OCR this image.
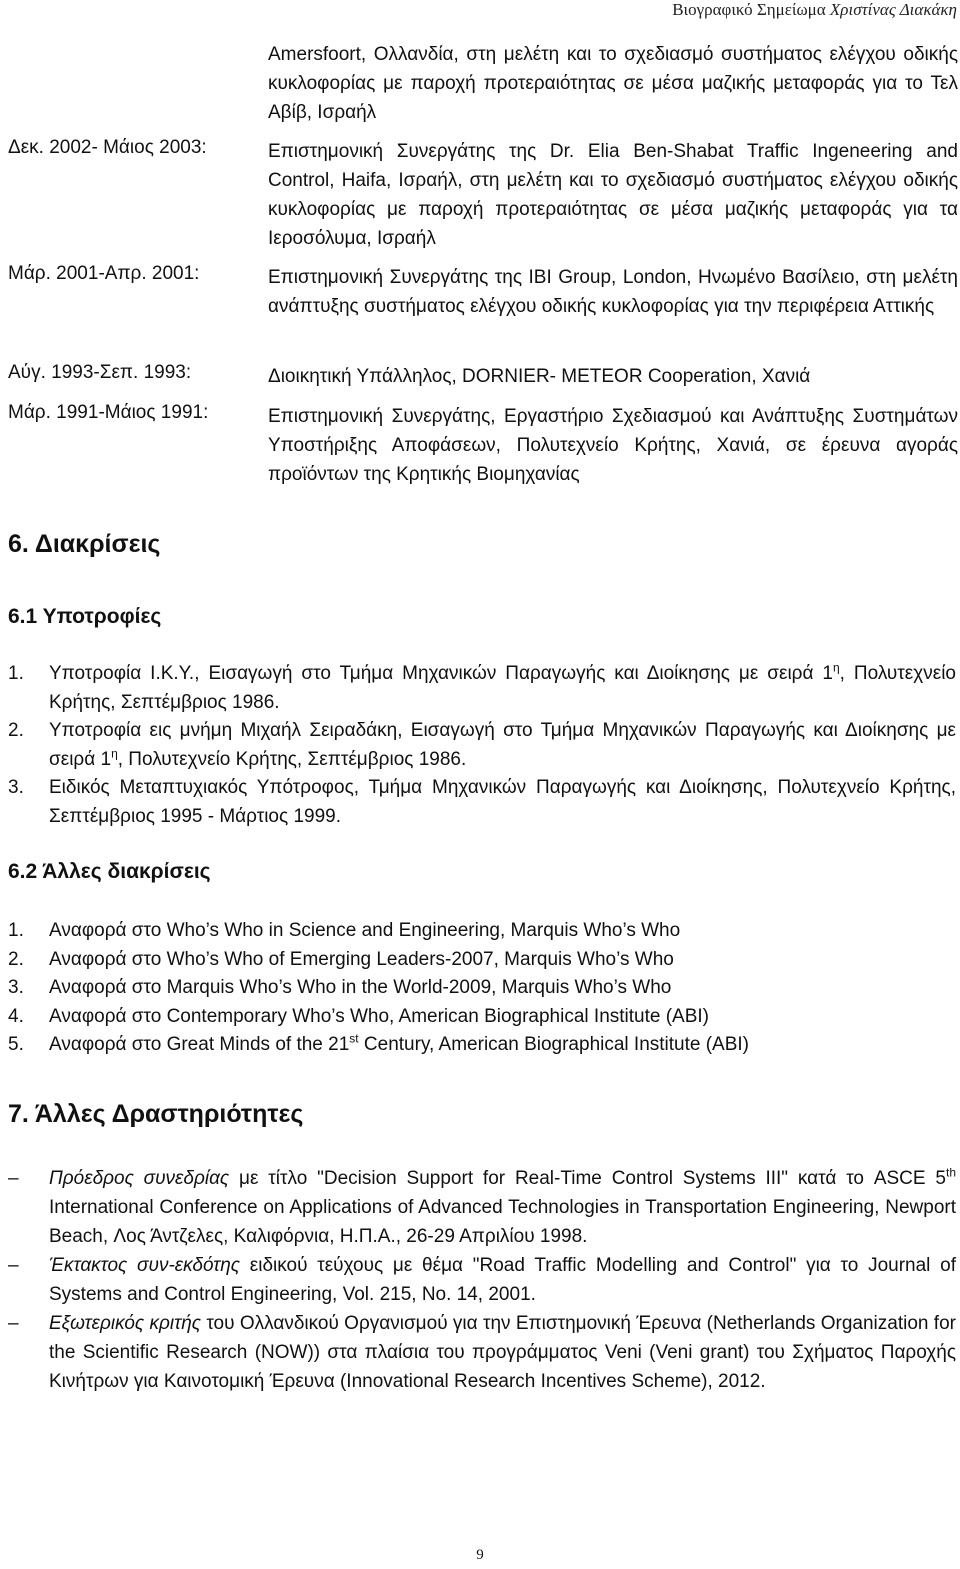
Βιογραφικό Σημείωμα Χριστίνας Διακάκη
Amersfoort, Ολλανδία, στη μελέτη και το σχεδιασμό συστήματος ελέγχου οδικής κυκλοφορίας με παροχή προτεραιότητας σε μέσα μαζικής μεταφοράς για το Τελ Αβίβ, Ισραήλ
Δεκ. 2002- Μάιος 2003:	Επιστημονική Συνεργάτης της Dr. Elia Ben-Shabat Traffic Ingeneering and Control, Haifa, Ισραήλ, στη μελέτη και το σχεδιασμό συστήματος ελέγχου οδικής κυκλοφορίας με παροχή προτεραιότητας σε μέσα μαζικής μεταφοράς για τα Ιεροσόλυμα, Ισραήλ
Μάρ. 2001-Απρ. 2001:	Επιστημονική Συνεργάτης της IBI Group, London, Ηνωμένο Βασίλειο, στη μελέτη ανάπτυξης συστήματος ελέγχου οδικής κυκλοφορίας για την περιφέρεια Αττικής
Αύγ. 1993-Σεπ. 1993:	Διοικητική Υπάλληλος, DORNIER- METEOR Cooperation, Χανιά
Μάρ. 1991-Μάιος 1991:	Επιστημονική Συνεργάτης, Εργαστήριο Σχεδιασμού και Ανάπτυξης Συστημάτων Υποστήριξης Αποφάσεων, Πολυτεχνείο Κρήτης, Χανιά, σε έρευνα αγοράς προϊόντων της Κρητικής Βιομηχανίας
6. Διακρίσεις
6.1 Υποτροφίες
1. Υποτροφία Ι.Κ.Υ., Εισαγωγή στο Τμήμα Μηχανικών Παραγωγής και Διοίκησης με σειρά $1^\eta$, Πολυτεχνείο Κρήτης, Σεπτέμβριος 1986.
2. Υποτροφία εις μνήμη Μιχαήλ Σειραδάκη, Εισαγωγή στο Τμήμα Μηχανικών Παραγωγής και Διοίκησης με σειρά $1^\eta$, Πολυτεχνείο Κρήτης, Σεπτέμβριος 1986.
3. Ειδικός Μεταπτυχιακός Υπότροφος, Τμήμα Μηχανικών Παραγωγής και Διοίκησης, Πολυτεχνείο Κρήτης, Σεπτέμβριος 1995 - Μάρτιος 1999.
6.2 Άλλες διακρίσεις
1. Αναφορά στο Who’s Who in Science and Engineering, Marquis Who’s Who
2. Αναφορά στο Who’s Who of Emerging Leaders-2007, Marquis Who’s Who
3. Αναφορά στο Marquis Who’s Who in the World-2009, Marquis Who’s Who
4. Αναφορά στο Contemporary Who’s Who, American Biographical Institute (ABI)
5. Αναφορά στο Great Minds of the 21st Century, American Biographical Institute (ABI)
7. Άλλες Δραστηριότητες
– Πρόεδρος συνεδρίας με τίτλο "Decision Support for Real-Time Control Systems III" κατά το ASCE 5th International Conference on Applications of Advanced Technologies in Transportation Engineering, Newport Beach, Λος Άντζελες, Καλιφόρνια, Η.Π.Α., 26-29 Απριλίου 1998.
– Έκτακτος συν-εκδότης ειδικού τεύχους με θέμα "Road Traffic Modelling and Control" για το Journal of Systems and Control Engineering, Vol. 215, No. 14, 2001.
– Εξωτερικός κριτής του Ολλανδικού Οργανισμού για την Επιστημονική Έρευνα (Netherlands Organization for the Scientific Research (NOW)) στα πλαίσια του προγράμματος Veni (Veni grant) του Σχήματος Παροχής Κινήτρων για Καινοτομική Έρευνα (Innovational Research Incentives Scheme), 2012.
9
